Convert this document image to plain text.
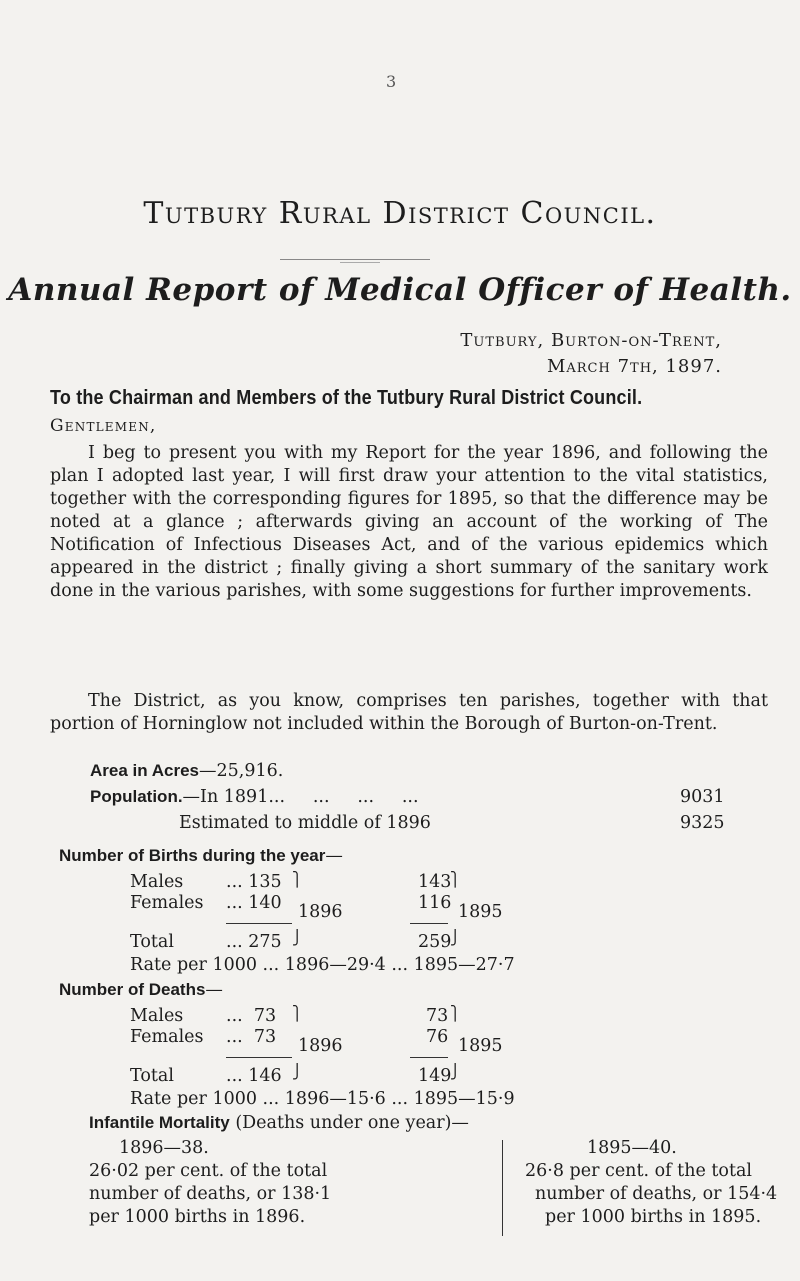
3
Tutbury Rural District Council.
Annual Report of Medical Officer of Health.
Tutbury, Burton-on-Trent,
March 7th, 1897.
To the Chairman and Members of the Tutbury Rural District Council.
Gentlemen,
I beg to present you with my Report for the year 1896, and following the plan I adopted last year, I will first draw your attention to the vital statistics, together with the corresponding figures for 1895, so that the difference may be noted at a glance ; afterwards giving an account of the working of The Notification of Infectious Diseases Act, and of the various epidemics which appeared in the district ; finally giving a short summary of the sanitary work done in the various parishes, with some suggestions for further improvements.
The District, as you know, comprises ten parishes, together with that portion of Horninglow not included within the Borough of Burton-on-Trent.
Area in Acres—25,916.
Population.—In 1891...     ...     ...     ...	9031
Estimated to middle of 1896	9325
Number of Births during the year—
Males ... 135 ⎫	143
⎫
Females ... 140 1896	116 1895
Total	... 275 ⎭	259
⎭
Rate per 1000 ... 1896—29·4 ... 1895—27·7
Number of Deaths—
Males ...  73 ⎫	73 ⎫
Females ...  73 1896	76 1895
Total	... 146 ⎭	149
⎭
Rate per 1000 ... 1896—15·6 ... 1895—15·9
Infantile Mortality (Deaths under one year)—
1896—38.
26·02 per cent. of the total
number of deaths, or 138·1
per 1000 births in 1896.
1895—40.
26·8 per cent. of the total
number of deaths, or 154·4
per 1000 births in 1895.
